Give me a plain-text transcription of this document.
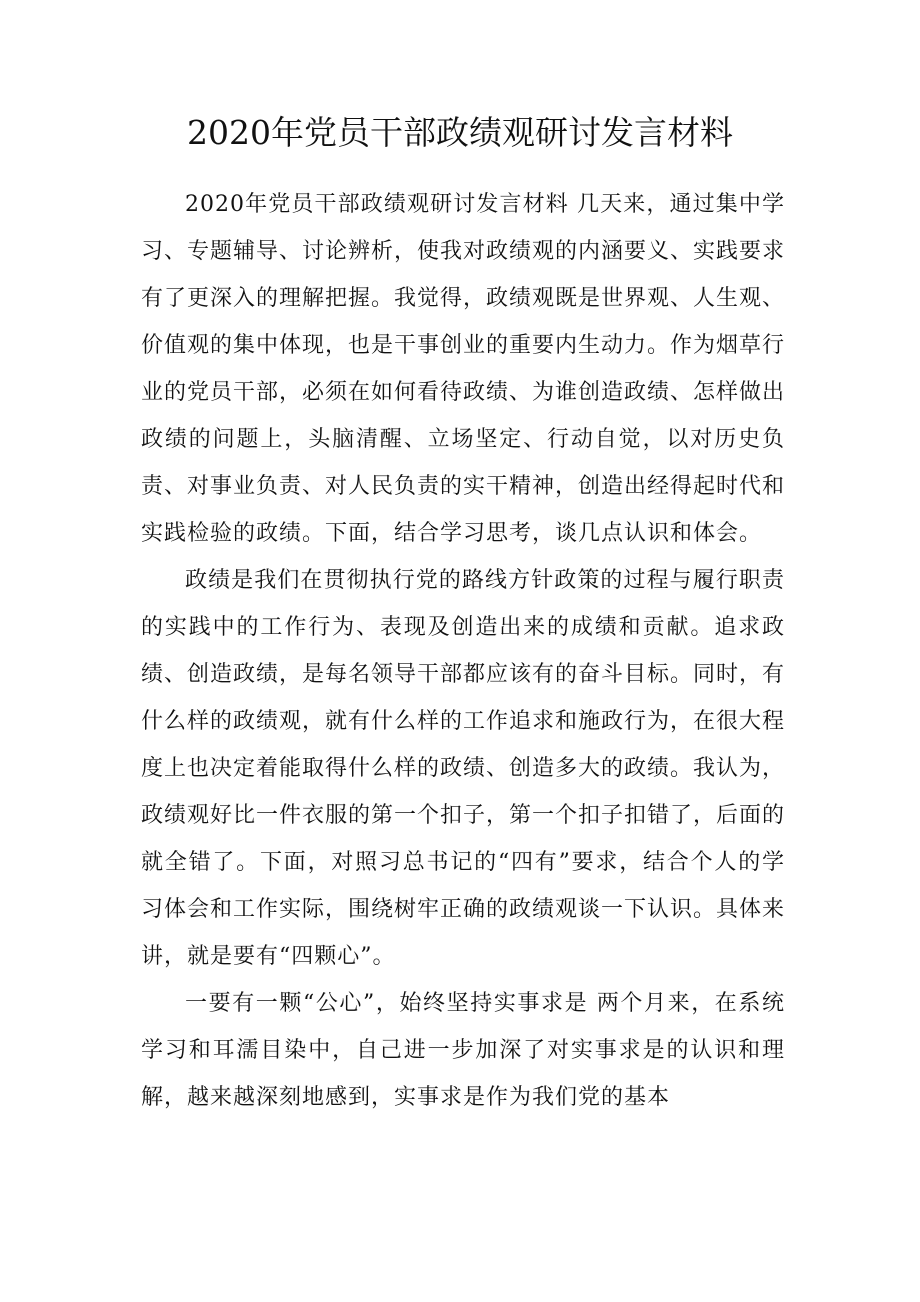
2020年党员干部政绩观研讨发言材料

2020年党员干部政绩观研讨发言材料 几天来，通过集中学习、专题辅导、讨论辨析，使我对政绩观的内涵要义、实践要求有了更深入的理解把握。我觉得，政绩观既是世界观、人生观、价值观的集中体现，也是干事创业的重要内生动力。作为烟草行业的党员干部，必须在如何看待政绩、为谁创造政绩、怎样做出政绩的问题上，头脑清醒、立场坚定、行动自觉，以对历史负责、对事业负责、对人民负责的实干精神，创造出经得起时代和实践检验的政绩。下面，结合学习思考，谈几点认识和体会。

政绩是我们在贯彻执行党的路线方针政策的过程与履行职责的实践中的工作行为、表现及创造出来的成绩和贡献。追求政绩、创造政绩，是每名领导干部都应该有的奋斗目标。同时，有什么样的政绩观，就有什么样的工作追求和施政行为，在很大程度上也决定着能取得什么样的政绩、创造多大的政绩。我认为，政绩观好比一件衣服的第一个扣子，第一个扣子扣错了，后面的就全错了。下面，对照习总书记的“四有”要求，结合个人的学习体会和工作实际，围绕树牢正确的政绩观谈一下认识。具体来讲，就是要有“四颗心”。

一要有一颗“公心”，始终坚持实事求是 两个月来，在系统学习和耳濡目染中，自己进一步加深了对实事求是的认识和理解，越来越深刻地感到，实事求是作为我们党的基本
